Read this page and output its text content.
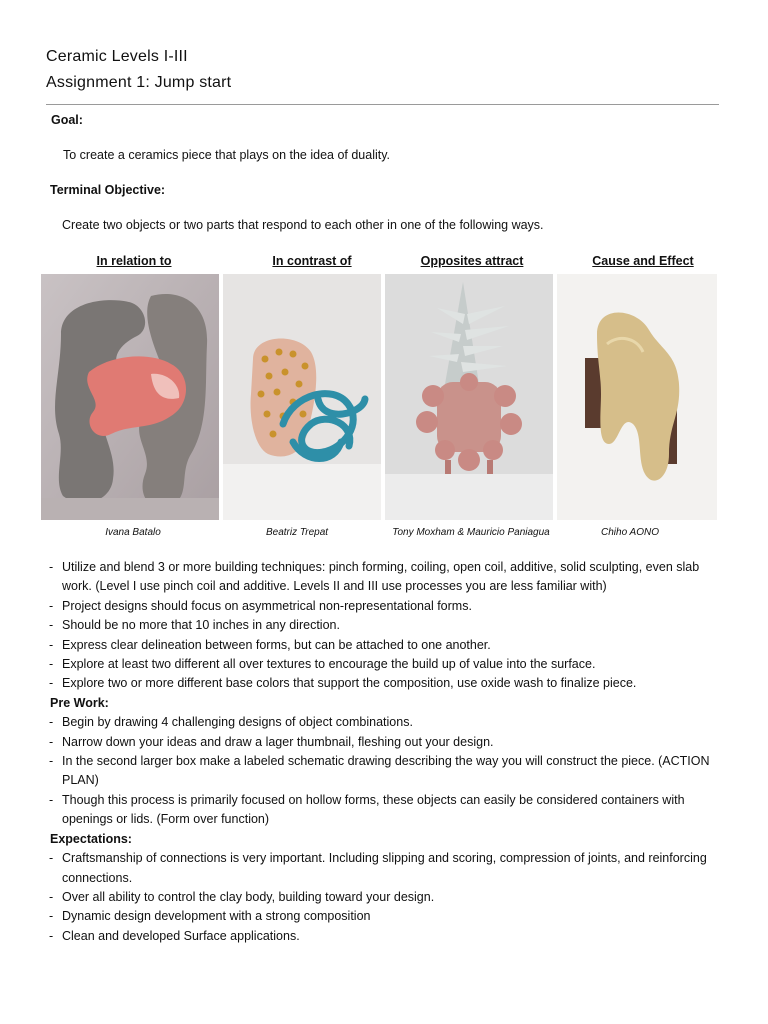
Ceramic Levels I-III
Assignment 1: Jump start
Goal:
To create a ceramics piece that plays on the idea of duality.
Terminal Objective:
Create two objects or two parts that respond to each other in one of the following ways.
In relation to	In contrast of	Opposites attract	Cause and Effect
Ivana Batalo	Beatriz Trepat	Tony Moxham & Mauricio Paniagua	Chiho AONO
- Utilize and blend 3 or more building techniques: pinch forming, coiling, open coil, additive, solid sculpting, even slab work. (Level I use pinch coil and additive. Levels II and III use processes you are less familiar with)
- Project designs should focus on asymmetrical non-representational forms.
- Should be no more that 10 inches in any direction.
- Express clear delineation between forms, but can be attached to one another.
- Explore at least two different all over textures to encourage the build up of value into the surface.
- Explore two or more different base colors that support the composition, use oxide wash to finalize piece.
Pre Work:
- Begin by drawing 4 challenging designs of object combinations.
- Narrow down your ideas and draw a lager thumbnail, fleshing out your design.
- In the second larger box make a labeled schematic drawing describing the way you will construct the piece. (ACTION PLAN)
- Though this process is primarily focused on hollow forms, these objects can easily be considered containers with openings or lids. (Form over function)
Expectations:
- Craftsmanship of connections is very important. Including slipping and scoring, compression of joints, and reinforcing connections.
- Over all ability to control the clay body, building toward your design.
- Dynamic design development with a strong composition
- Clean and developed Surface applications.
